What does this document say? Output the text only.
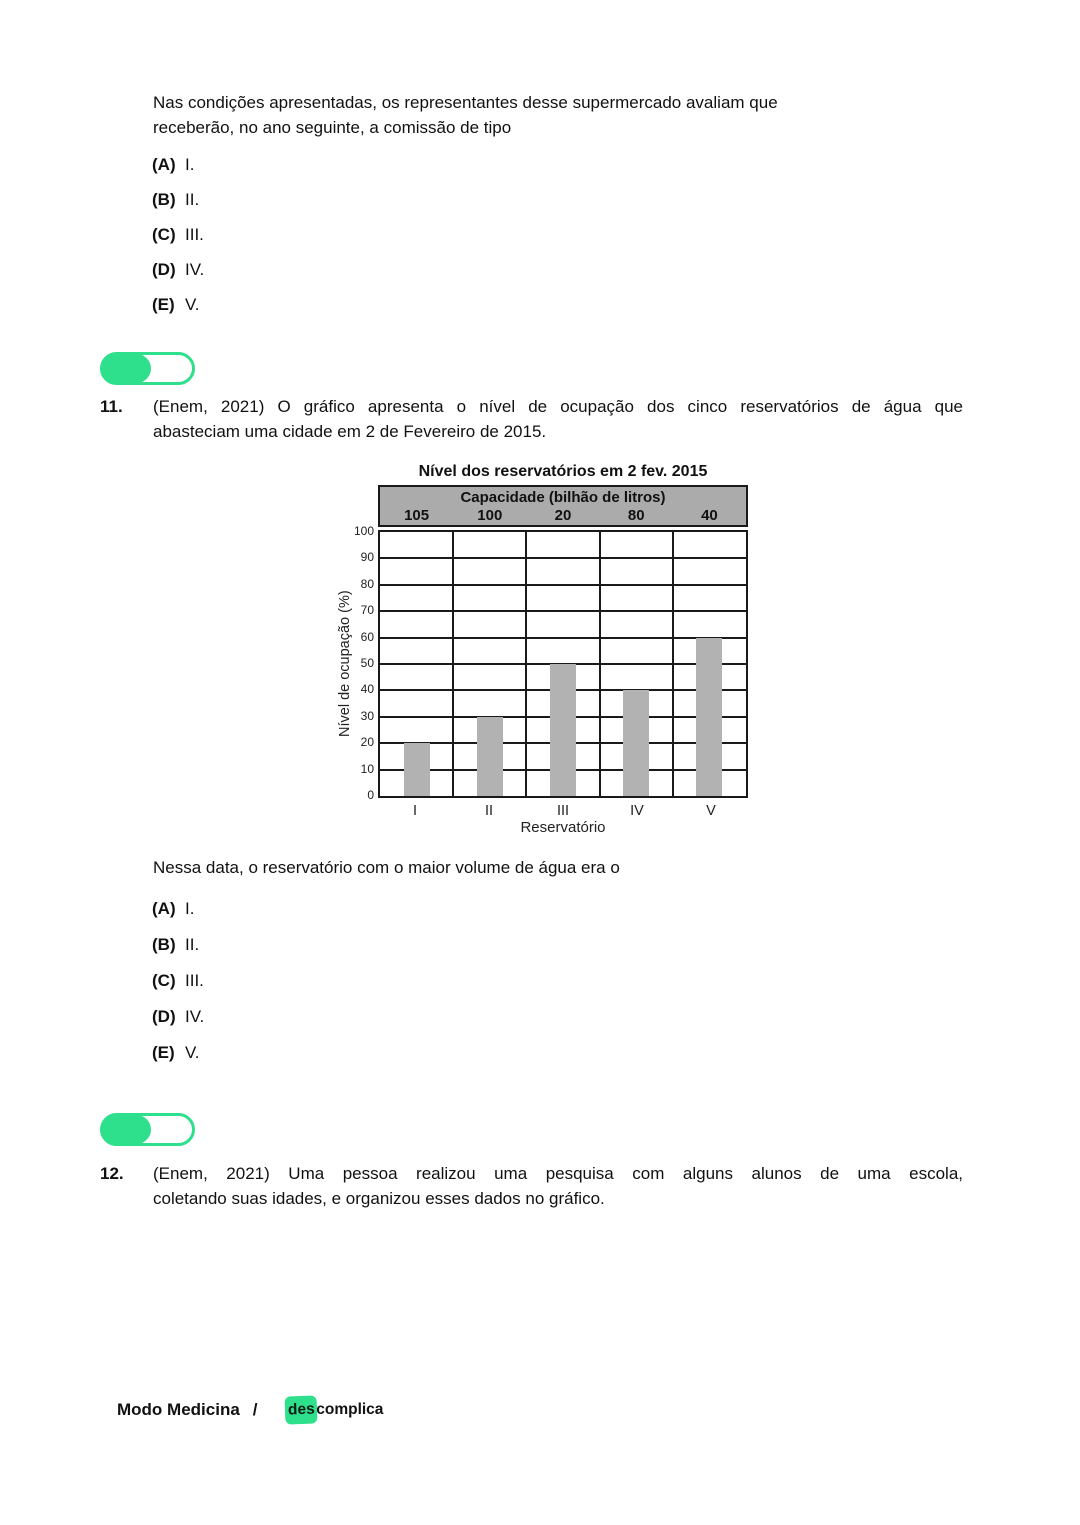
Nas condições apresentadas, os representantes desse supermercado avaliam que
receberão, no ano seguinte, a comissão de tipo
(A) I.
(B) II.
(C) III.
(D) IV.
(E) V.
11. (Enem, 2021) O gráfico apresenta o nível de ocupação dos cinco reservatórios de água que
abasteciam uma cidade em 2 de Fevereiro de 2015.
Nível dos reservatórios em 2 fev. 2015
Capacidade (bilhão de litros)
105	100	20	80	40
Nível de ocupação (%)
0
10
20
30
40
50
60
70
80
90
100
I	II	III	IV	V
Reservatório
Nessa data, o reservatório com o maior volume de água era o
(A) I.
(B) II.
(C) III.
(D) IV.
(E) V.
12. (Enem, 2021) Uma pessoa realizou uma pesquisa com alguns alunos de uma escola,
coletando suas idades, e organizou esses dados no gráfico.
Modo Medicina / des complica
